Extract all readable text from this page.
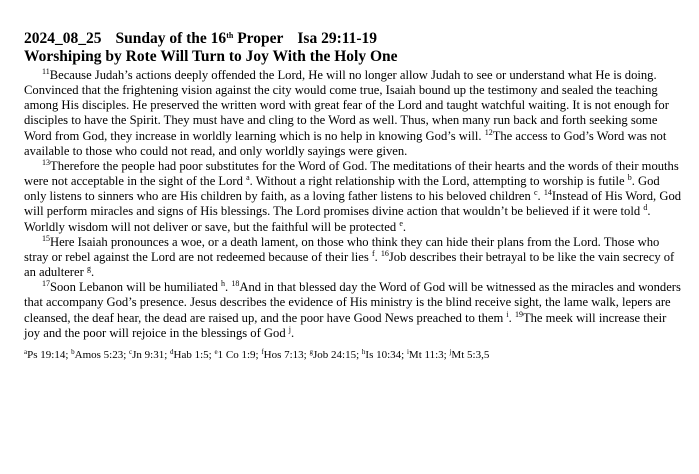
2024_08_25 Sunday of the 16th Proper Isa 29:11-19
Worshiping by Rote Will Turn to Joy With the Holy One

$^{11}$Because Judah’s actions deeply offended the Lord, He will no longer allow Judah to see or understand what He is doing. Convinced that the frightening vision against the city would come true, Isaiah bound up the testimony and sealed the teaching among His disciples. He preserved the written word with great fear of the Lord and taught watchful waiting. It is not enough for disciples to have the Spirit. They must have and cling to the Word as well. Thus, when many run back and forth seeking some Word from God, they increase in worldly learning which is no help in knowing God’s will. $^{12}$The access to God’s Word was not available to those who could not read, and only worldly sayings were given.

$^{13}$Therefore the people had poor substitutes for the Word of God. The meditations of their hearts and the words of their mouths were not acceptable in the sight of the Lord $^a$. Without a right relationship with the Lord, attempting to worship is futile $^b$. God only listens to sinners who are His children by faith, as a loving father listens to his beloved children $^c$. $^{14}$Instead of His Word, God will perform miracles and signs of His blessings. The Lord promises divine action that wouldn’t be believed if it were told $^d$. Worldly wisdom will not deliver or save, but the faithful will be protected $^e$.

$^{15}$Here Isaiah pronounces a woe, or a death lament, on those who think they can hide their plans from the Lord. Those who stray or rebel against the Lord are not redeemed because of their lies $^f$. $^{16}$Job describes their betrayal to be like the vain secrecy of an adulterer $^g$.

$^{17}$Soon Lebanon will be humiliated $^h$. $^{18}$And in that blessed day the Word of God will be witnessed as the miracles and wonders that accompany God’s presence. Jesus describes the evidence of His ministry is the blind receive sight, the lame walk, lepers are cleansed, the deaf hear, the dead are raised up, and the poor have Good News preached to them $^i$. $^{19}$The meek will increase their joy and the poor will rejoice in the blessings of God $^j$.

$^a$Ps 19:14; $^b$Amos 5:23; $^c$Jn 9:31; $^d$Hab 1:5; $^e$1 Co 1:9; $^f$Hos 7:13; $^g$Job 24:15; $^h$Is 10:34; $^i$Mt 11:3; $^j$Mt 5:3,5
